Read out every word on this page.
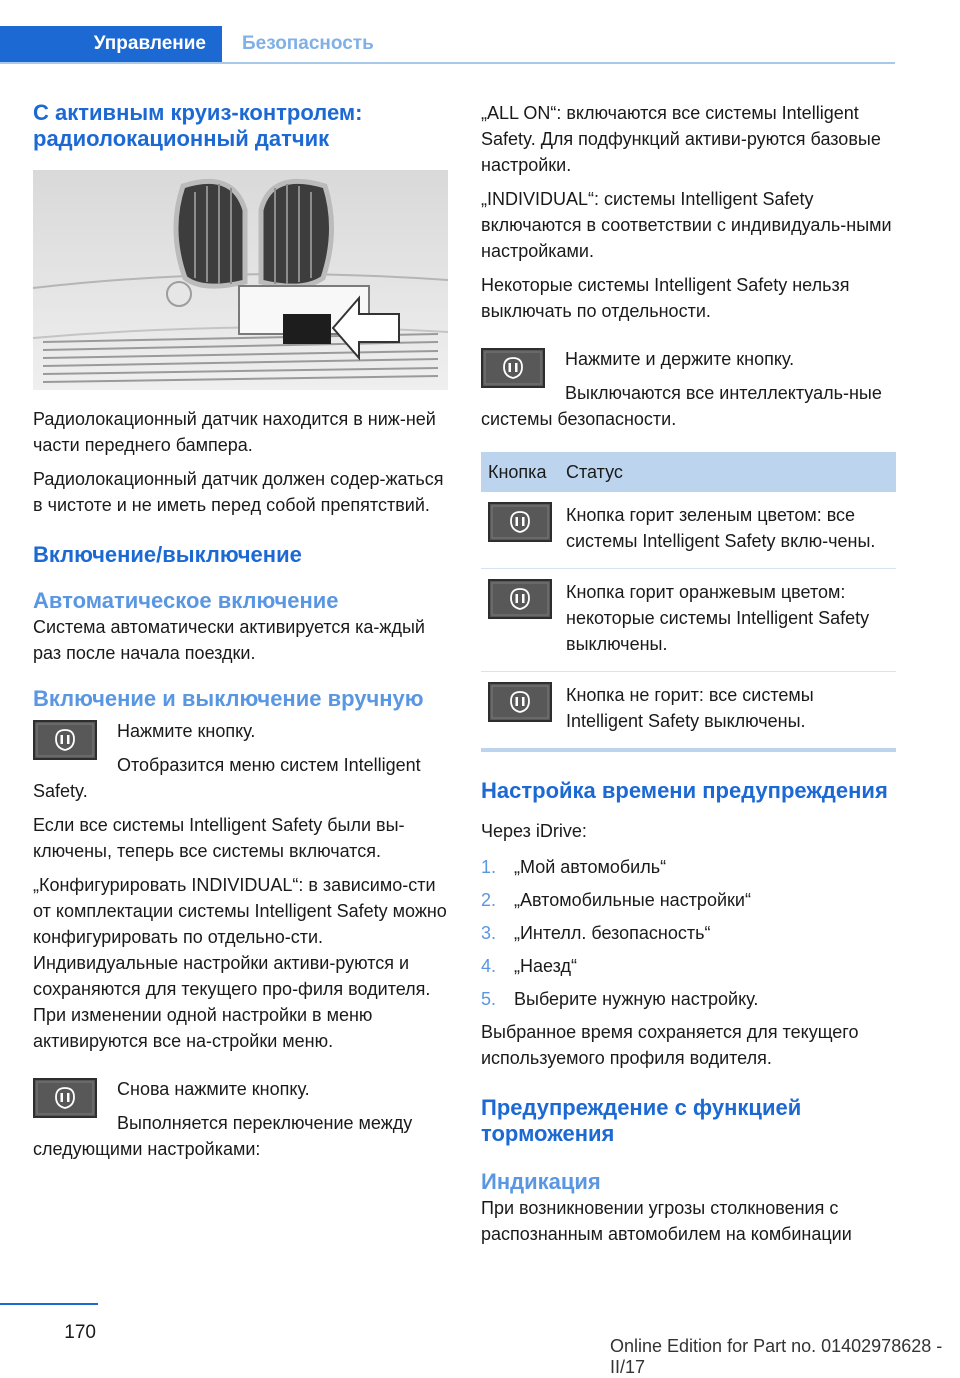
Управление	Безопасность
С активным круиз-контролем: радиолокационный датчик

Радиолокационный датчик находится в ниж-ней части переднего бампера.

Радиолокационный датчик должен содер-жаться в чистоте и не иметь перед собой препятствий.

Включение/выключение
Автоматическое включение

Система автоматически активируется ка-ждый раз после начала поездки.

Включение и выключение вручную

Нажмите кнопку.

Отобразится меню систем Intelligent Safety.

Если все системы Intelligent Safety были вы-ключены, теперь все системы включатся.

„Конфигурировать INDIVIDUAL“: в зависимо-сти от комплектации системы Intelligent Safety можно конфигурировать по отдельно-сти. Индивидуальные настройки активи-руются и сохраняются для текущего про-филя водителя. При изменении одной настройки в меню активируются все на-стройки меню.

Снова нажмите кнопку.

Выполняется переключение между следующими настройками:

„ALL ON“: включаются все системы Intelligent Safety. Для подфункций активи-руются базовые настройки.

„INDIVIDUAL“: системы Intelligent Safety включаются в соответствии с индивидуаль-ными настройками.

Некоторые системы Intelligent Safety нельзя выключать по отдельности.

Нажмите и держите кнопку.

Выключаются все интеллектуаль-ные системы безопасности.

Кнопка	Статус

	Кнопка горит зеленым цветом: все системы Intelligent Safety вклю-чены.

	Кнопка горит оранжевым цветом: некоторые системы Intelligent Safety выключены.

	Кнопка не горит: все системы Intelligent Safety выключены.
Настройка времени предупреждения

Через iDrive:

1. „Мой автомобиль“
2. „Автомобильные настройки“
3. „Интелл. безопасность“
4. „Наезд“
5. Выберите нужную настройку.

Выбранное время сохраняется для текущего используемого профиля водителя.

Предупреждение с функцией торможения
Индикация

При возникновении угрозы столкновения с распознанным автомобилем на комбинации

170
Online Edition for Part no. 01402978628 - II/17
